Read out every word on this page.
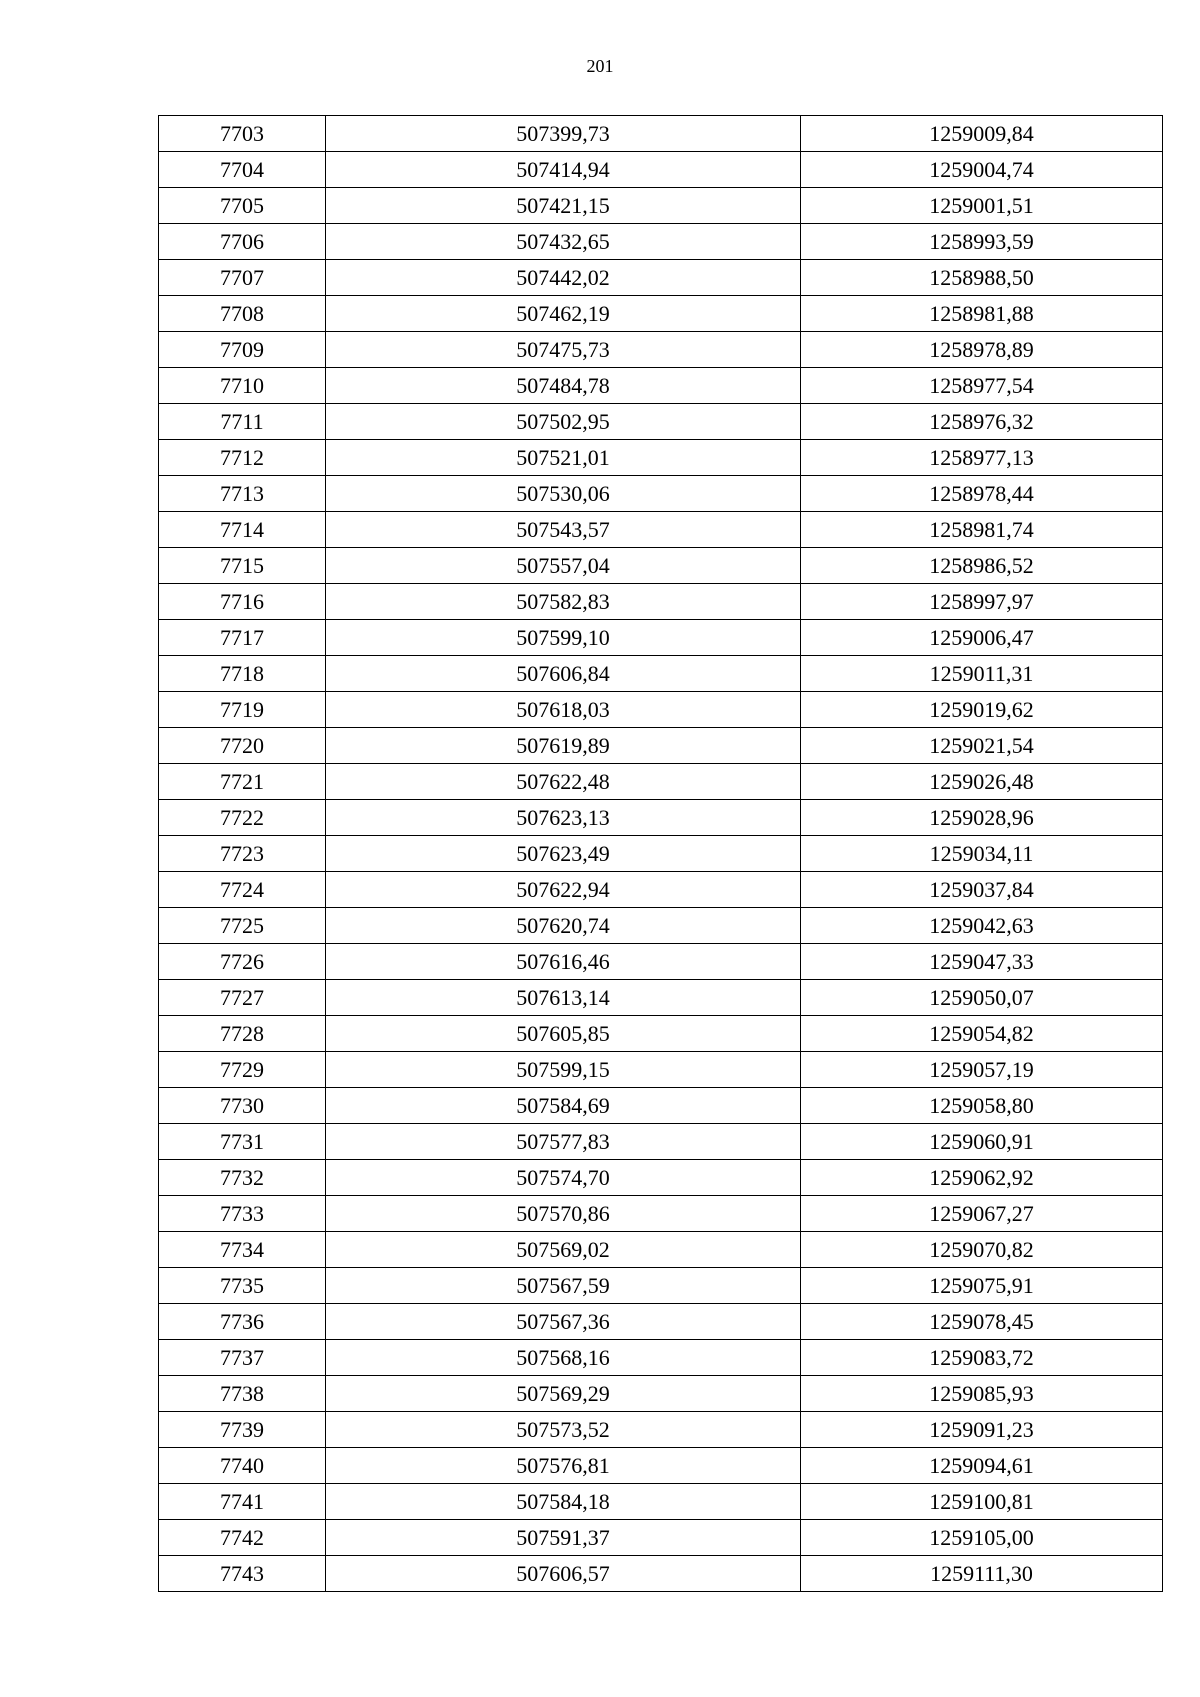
201
7703	507399,73	1259009,84
7704	507414,94	1259004,74
7705	507421,15	1259001,51
7706	507432,65	1258993,59
7707	507442,02	1258988,50
7708	507462,19	1258981,88
7709	507475,73	1258978,89
7710	507484,78	1258977,54
7711	507502,95	1258976,32
7712	507521,01	1258977,13
7713	507530,06	1258978,44
7714	507543,57	1258981,74
7715	507557,04	1258986,52
7716	507582,83	1258997,97
7717	507599,10	1259006,47
7718	507606,84	1259011,31
7719	507618,03	1259019,62
7720	507619,89	1259021,54
7721	507622,48	1259026,48
7722	507623,13	1259028,96
7723	507623,49	1259034,11
7724	507622,94	1259037,84
7725	507620,74	1259042,63
7726	507616,46	1259047,33
7727	507613,14	1259050,07
7728	507605,85	1259054,82
7729	507599,15	1259057,19
7730	507584,69	1259058,80
7731	507577,83	1259060,91
7732	507574,70	1259062,92
7733	507570,86	1259067,27
7734	507569,02	1259070,82
7735	507567,59	1259075,91
7736	507567,36	1259078,45
7737	507568,16	1259083,72
7738	507569,29	1259085,93
7739	507573,52	1259091,23
7740	507576,81	1259094,61
7741	507584,18	1259100,81
7742	507591,37	1259105,00
7743	507606,57	1259111,30
